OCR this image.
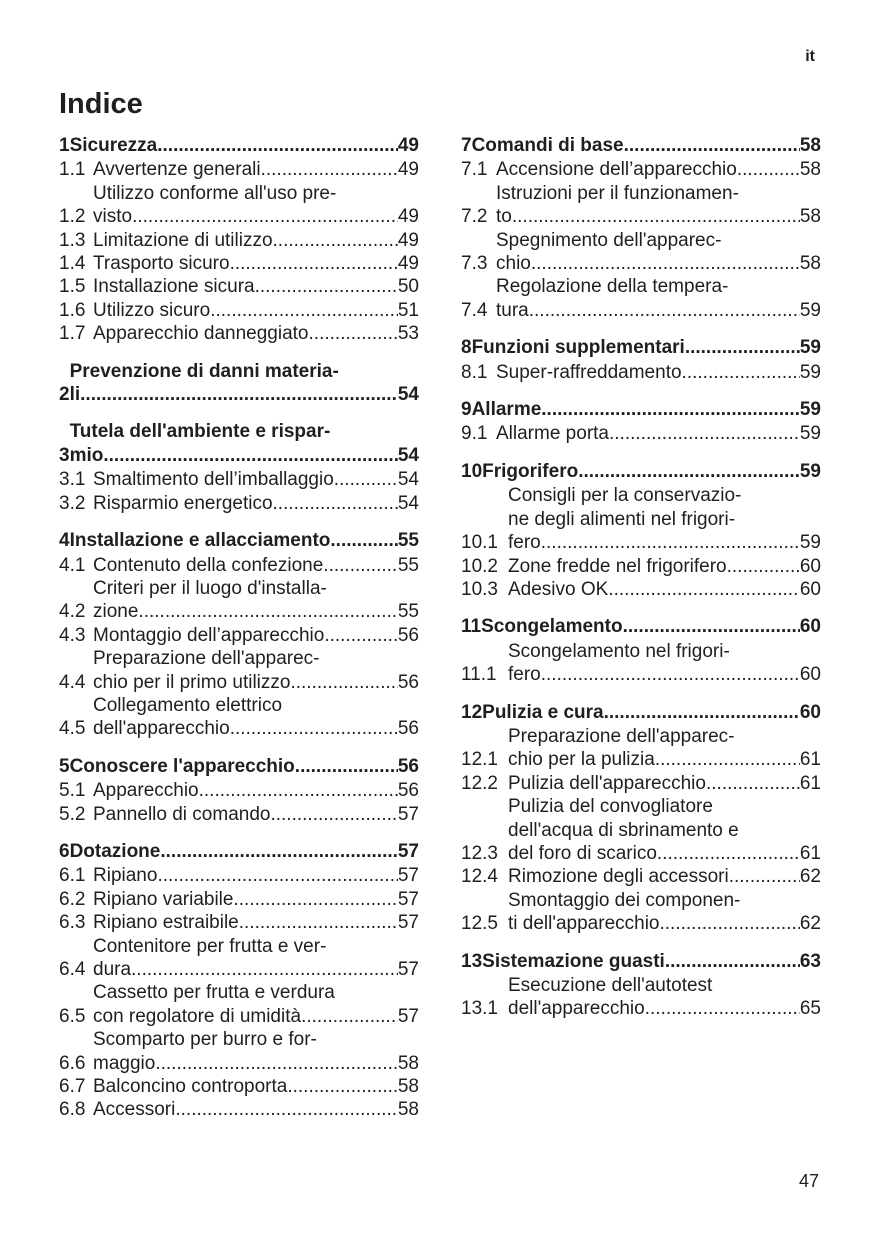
it
Indice
1 Sicurezza .....	49
1.1 Avvertenze generali .....	49
1.2
Utilizzo conforme all'uso pre-
visto .....	49
1.3 Limitazione di utilizzo .....	49
1.4 Trasporto sicuro .....	49
1.5 Installazione sicura .....	50
1.6 Utilizzo sicuro .....	51
1.7 Apparecchio danneggiato .....	53
2
Prevenzione di danni materia-
li .....	54
3
Tutela dell'ambiente e rispar-
mio .....	54
3.1 Smaltimento dell’imballaggio .....	54
3.2 Risparmio energetico .....	54
4 Installazione e allacciamento .....	55
4.1 Contenuto della confezione .....	55
4.2
Criteri per il luogo d'installa-
zione .....	55
4.3 Montaggio dell’apparecchio .....	56
4.4
Preparazione dell'apparec-
chio per il primo utilizzo .....	56
4.5
Collegamento elettrico
dell'apparecchio .....	56
5 Conoscere l'apparecchio .....	56
5.1 Apparecchio .....	56
5.2 Pannello di comando .....	57
6 Dotazione .....	57
6.1 Ripiano .....	57
6.2 Ripiano variabile .....	57
6.3 Ripiano estraibile .....	57
6.4
Contenitore per frutta e ver-
dura .....	57
6.5
Cassetto per frutta e verdura
con regolatore di umidità .....	57
6.6
Scomparto per burro e for-
maggio .....	58
6.7 Balconcino controporta .....	58
6.8 Accessori .....	58
7 Comandi di base .....	58
7.1 Accensione dell’apparecchio .....	58
7.2
Istruzioni per il funzionamen-
to .....	58
7.3
Spegnimento dell'apparec-
chio .....	58
7.4
Regolazione della tempera-
tura .....	59
8 Funzioni supplementari .....	59
8.1 Super-raffreddamento .....	59
9 Allarme .....	59
9.1 Allarme porta .....	59
10 Frigorifero .....	59
10.1
Consigli per la conservazio-
ne degli alimenti nel frigori-
fero .....	59
10.2 Zone fredde nel frigorifero .....	60
10.3 Adesivo OK .....	60
11 Scongelamento .....	60
11.1
Scongelamento nel frigori-
fero .....	60
12 Pulizia e cura .....	60
12.1
Preparazione dell'apparec-
chio per la pulizia .....	61
12.2 Pulizia dell'apparecchio .....	61
12.3
Pulizia del convogliatore
dell'acqua di sbrinamento e
del foro di scarico .....	61
12.4 Rimozione degli accessori .....	62
12.5
Smontaggio dei componen-
ti dell'apparecchio .....	62
13 Sistemazione guasti .....	63
13.1
Esecuzione dell'autotest
dell'apparecchio .....	65
47
